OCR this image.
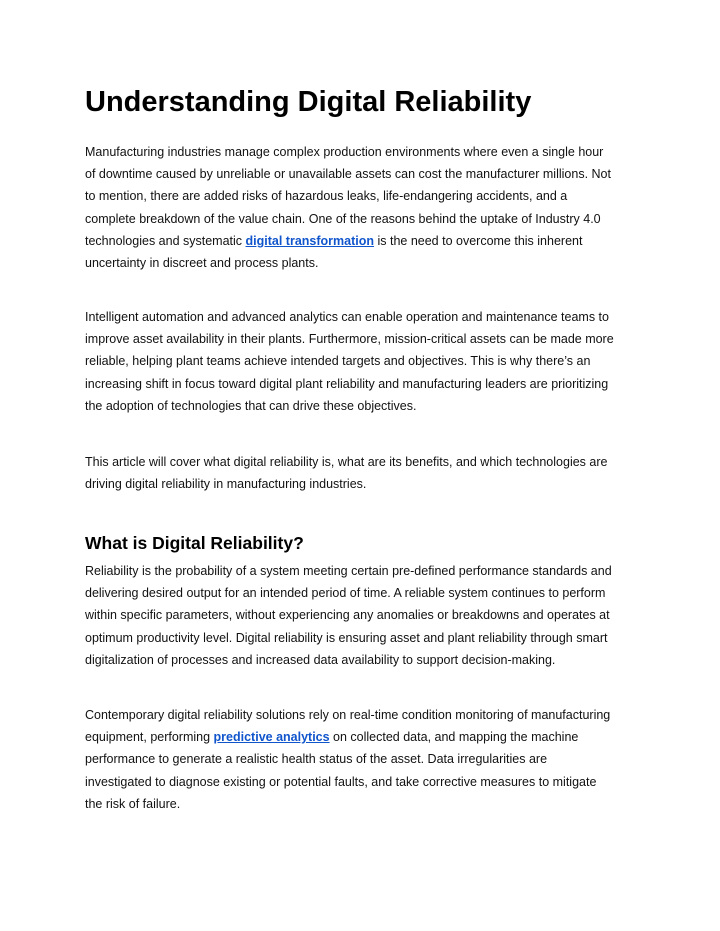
Understanding Digital Reliability

Manufacturing industries manage complex production environments where even a single hour
of downtime caused by unreliable or unavailable assets can cost the manufacturer millions. Not
to mention, there are added risks of hazardous leaks, life-endangering accidents, and a
complete breakdown of the value chain. One of the reasons behind the uptake of Industry 4.0
technologies and systematic digital transformation is the need to overcome this inherent
uncertainty in discreet and process plants.

Intelligent automation and advanced analytics can enable operation and maintenance teams to
improve asset availability in their plants. Furthermore, mission-critical assets can be made more
reliable, helping plant teams achieve intended targets and objectives. This is why there’s an
increasing shift in focus toward digital plant reliability and manufacturing leaders are prioritizing
the adoption of technologies that can drive these objectives.

This article will cover what digital reliability is, what are its benefits, and which technologies are
driving digital reliability in manufacturing industries.

What is Digital Reliability?

Reliability is the probability of a system meeting certain pre-defined performance standards and
delivering desired output for an intended period of time. A reliable system continues to perform
within specific parameters, without experiencing any anomalies or breakdowns and operates at
optimum productivity level. Digital reliability is ensuring asset and plant reliability through smart
digitalization of processes and increased data availability to support decision-making.

Contemporary digital reliability solutions rely on real-time condition monitoring of manufacturing
equipment, performing predictive analytics on collected data, and mapping the machine
performance to generate a realistic health status of the asset. Data irregularities are
investigated to diagnose existing or potential faults, and take corrective measures to mitigate
the risk of failure.
